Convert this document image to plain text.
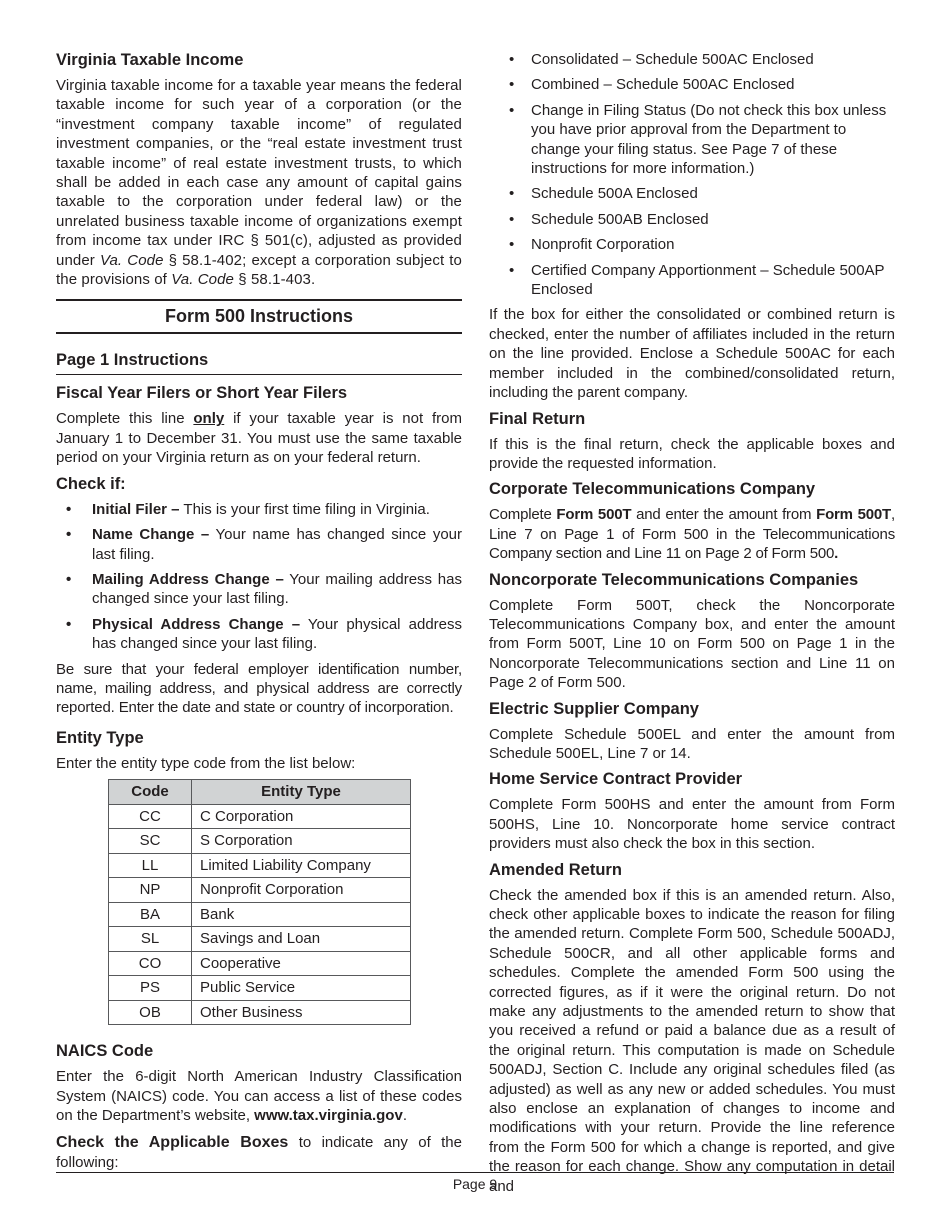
Virginia Taxable Income

Virginia taxable income for a taxable year means the federal taxable income for such year of a corporation (or the “investment company taxable income” of regulated investment companies, or the “real estate investment trust taxable income” of real estate investment trusts, to which shall be added in each case any amount of capital gains taxable to the corporation under federal law) or the unrelated business taxable income of organizations exempt from income tax under IRC § 501(c), adjusted as provided under Va. Code § 58.1-402; except a corporation subject to the provisions of Va. Code § 58.1-403.

Form 500 Instructions
Page 1 Instructions
Fiscal Year Filers or Short Year Filers

Complete this line only if your taxable year is not from January 1 to December 31. You must use the same taxable period on your Virginia return as on your federal return.

Check if:
• Initial Filer – This is your first time filing in Virginia.
• Name Change – Your name has changed since your last filing.
• Mailing Address Change – Your mailing address has changed since your last filing.
• Physical Address Change – Your physical address has changed since your last filing.

Be sure that your federal employer identification number, name, mailing address, and physical address are correctly reported. Enter the date and state or country of incorporation.

Entity Type

Enter the entity type code from the list below:

Code	Entity Type
CC	C Corporation
SC	S Corporation
LL	Limited Liability Company
NP	Nonprofit Corporation
BA	Bank
SL	Savings and Loan
CO	Cooperative
PS	Public Service
OB	Other Business
NAICS Code

Enter the 6-digit North American Industry Classification System (NAICS) code. You can access a list of these codes on the Department’s website, www.tax.virginia.gov.

Check the Applicable Boxes to indicate any of the following:

• Consolidated – Schedule 500AC Enclosed
• Combined – Schedule 500AC Enclosed
• Change in Filing Status (Do not check this box unless you have prior approval from the Department to change your filing status. See Page 7 of these instructions for more information.)
• Schedule 500A Enclosed
• Schedule 500AB Enclosed
• Nonprofit Corporation
• Certified Company Apportionment – Schedule 500AP Enclosed

If the box for either the consolidated or combined return is checked, enter the number of affiliates included in the return on the line provided. Enclose a Schedule 500AC for each member included in the combined/consolidated return, including the parent company.

Final Return

If this is the final return, check the applicable boxes and provide the requested information.

Corporate Telecommunications Company

Complete Form 500T and enter the amount from Form 500T, Line 7 on Page 1 of Form 500 in the Telecommunications Company section and Line 11 on Page 2 of Form 500.

Noncorporate Telecommunications Companies

Complete Form 500T, check the Noncorporate Telecommunications Company box, and enter the amount from Form 500T, Line 10 on Form 500 on Page 1 in the Noncorporate Telecommunications section and Line 11 on Page 2 of Form 500.

Electric Supplier Company

Complete Schedule 500EL and enter the amount from Schedule 500EL, Line 7 or 14.

Home Service Contract Provider

Complete Form 500HS and enter the amount from Form 500HS, Line 10. Noncorporate home service contract providers must also check the box in this section.

Amended Return

Check the amended box if this is an amended return. Also, check other applicable boxes to indicate the reason for filing the amended return. Complete Form 500, Schedule 500ADJ, Schedule 500CR, and all other applicable forms and schedules. Complete the amended Form 500 using the corrected figures, as if it were the original return. Do not make any adjustments to the amended return to show that you received a refund or paid a balance due as a result of the original return. This computation is made on Schedule 500ADJ, Section C. Include any original schedules filed (as adjusted) as well as any new or added schedules. You must also enclose an explanation of changes to income and modifications with your return. Provide the line reference from the Form 500 for which a change is reported, and give the reason for each change. Show any computation in detail and

Page 9
